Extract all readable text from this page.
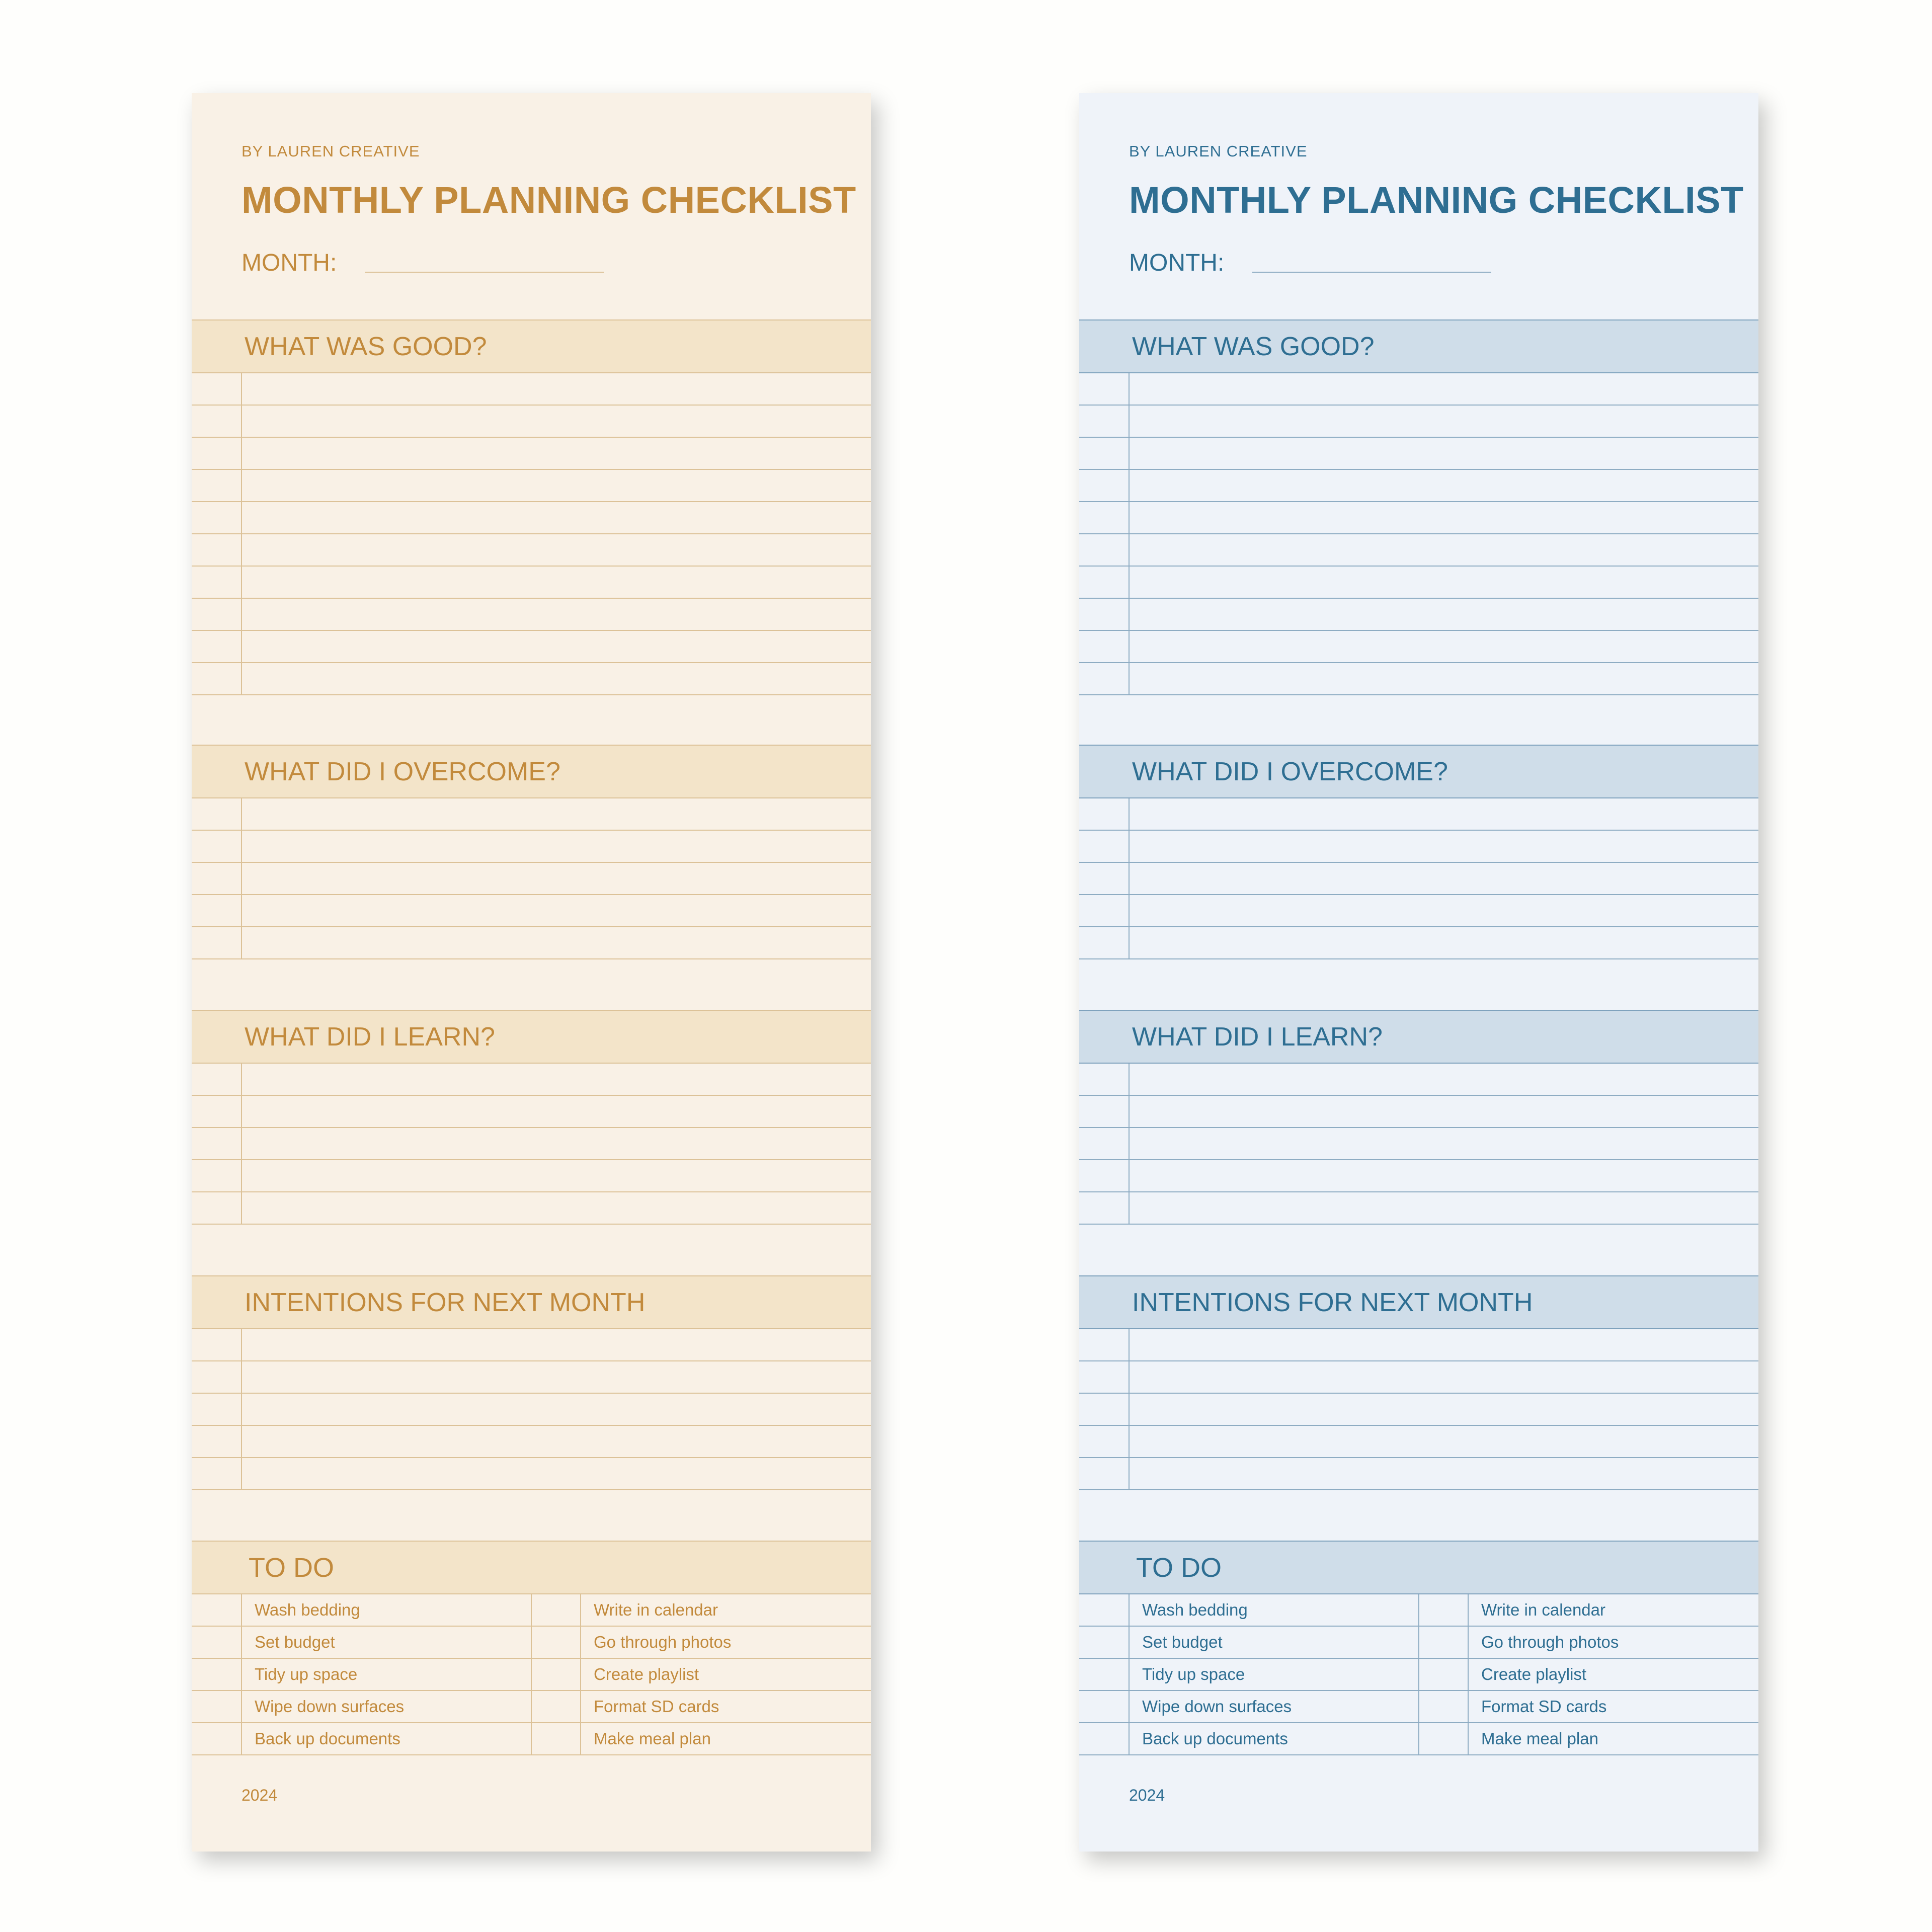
BY LAUREN CREATIVE
MONTHLY PLANNING CHECKLIST
MONTH:
WHAT WAS GOOD?
WHAT DID I OVERCOME?
WHAT DID I LEARN?
INTENTIONS FOR NEXT MONTH
TO DO
Wash bedding	Write in calendar
Set budget	Go through photos
Tidy up space	Create playlist
Wipe down surfaces	Format SD cards
Back up documents	Make meal plan
2024
BY LAUREN CREATIVE
MONTHLY PLANNING CHECKLIST
MONTH:
WHAT WAS GOOD?
WHAT DID I OVERCOME?
WHAT DID I LEARN?
INTENTIONS FOR NEXT MONTH
TO DO
Wash bedding	Write in calendar
Set budget	Go through photos
Tidy up space	Create playlist
Wipe down surfaces	Format SD cards
Back up documents	Make meal plan
2024
